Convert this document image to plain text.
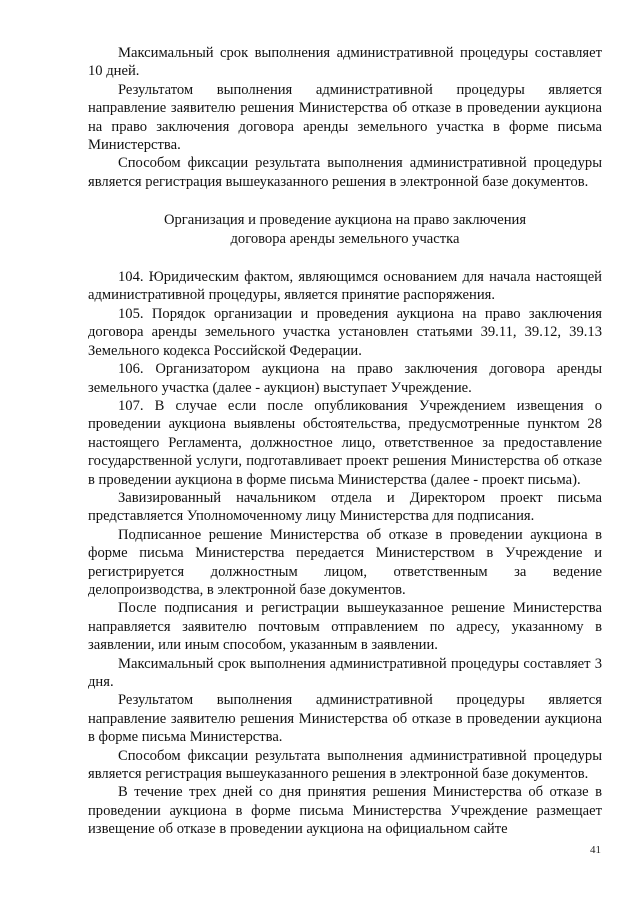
Максимальный срок выполнения административной процедуры составляет 10 дней.

Результатом выполнения административной процедуры является направление заявителю решения Министерства об отказе в проведении аукциона на право заключения договора аренды земельного участка в форме письма Министерства.

Способом фиксации результата выполнения административной процедуры является регистрация вышеуказанного решения в электронной базе документов.

Организация и проведение аукциона на право заключения

договора аренды земельного участка

104. Юридическим фактом, являющимся основанием для начала настоящей административной процедуры, является принятие распоряжения.

105. Порядок организации и проведения аукциона на право заключения договора аренды земельного участка установлен статьями 39.11, 39.12, 39.13 Земельного кодекса Российской Федерации.

106. Организатором аукциона на право заключения договора аренды земельного участка (далее - аукцион) выступает Учреждение.

107. В случае если после опубликования Учреждением извещения о проведении аукциона выявлены обстоятельства, предусмотренные пунктом 28 настоящего Регламента, должностное лицо, ответственное за предоставление государственной услуги, подготавливает проект решения Министерства об отказе в проведении аукциона в форме письма Министерства (далее - проект письма).

Завизированный начальником отдела и Директором проект письма представляется Уполномоченному лицу Министерства для подписания.

Подписанное решение Министерства об отказе в проведении аукциона в форме письма Министерства передается Министерством в Учреждение и регистрируется должностным лицом, ответственным за ведение делопроизводства, в электронной базе документов.

После подписания и регистрации вышеуказанное решение Министерства направляется заявителю почтовым отправлением по адресу, указанному в заявлении, или иным способом, указанным в заявлении.

Максимальный срок выполнения административной процедуры составляет 3 дня.

Результатом выполнения административной процедуры является направление заявителю решения Министерства об отказе в проведении аукциона в форме письма Министерства.

Способом фиксации результата выполнения административной процедуры является регистрация вышеуказанного решения в электронной базе документов.

В течение трех дней со дня принятия решения Министерства об отказе в проведении аукциона в форме письма Министерства Учреждение размещает извещение об отказе в проведении аукциона на официальном сайте

41
